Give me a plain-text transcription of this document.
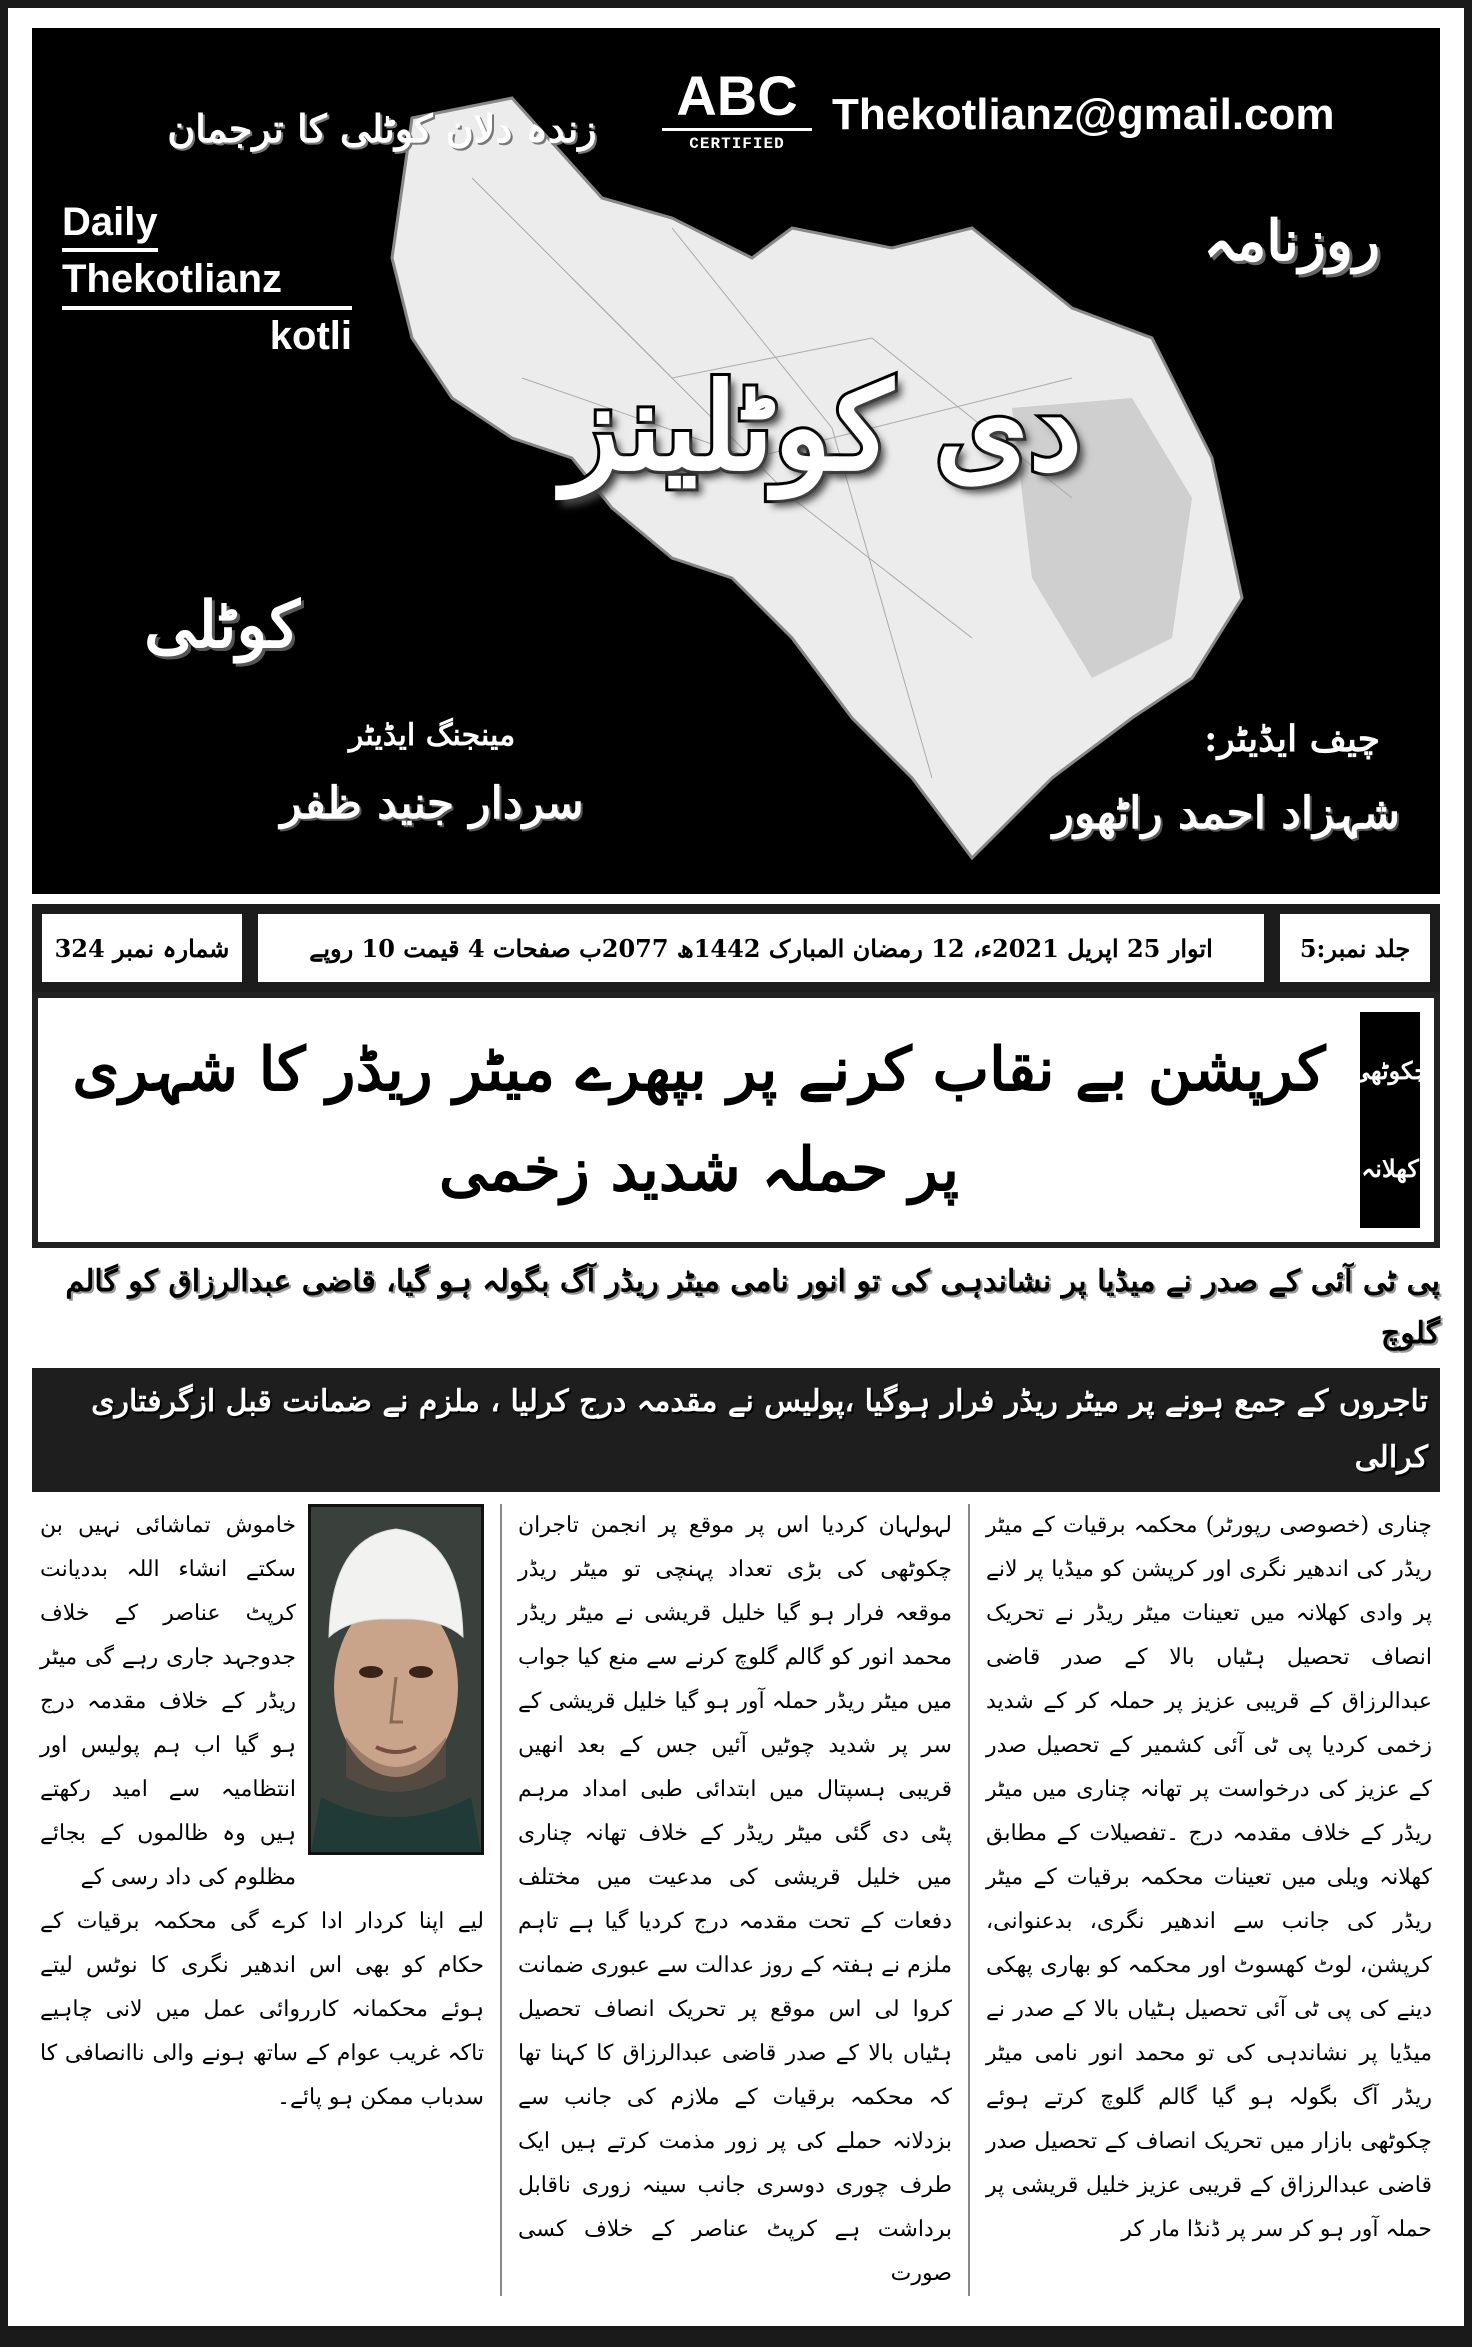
زندہ دلان کوٹلی کا ترجمان
ABC
CERTIFIED
Thekotlianz@gmail.com
Daily
Thekotlianz
kotli
روزنامہ
دی کوٹلینز
کوٹلی
مینجنگ ایڈیٹر
سردار جنید ظفر
چیف ایڈیٹر:
شہزاد احمد راٹھور
جلد نمبر:5
اتوار 25 اپریل 2021ء، 12 رمضان المبارک 1442ھ 2077ب صفحات 4 قیمت 10 روپے
شمارہ نمبر 324
چکوٹھی
کھلانہ
کرپشن بے نقاب کرنے پر بپھرے میٹر ریڈر کا شہری پر حملہ شدید زخمی
پی ٹی آئی کے صدر نے میڈیا پر نشاندہی کی تو انور نامی میٹر ریڈر آگ بگولہ ہو گیا، قاضی عبدالرزاق کو گالم گلوچ
تاجروں کے جمع ہونے پر میٹر ریڈر فرار ہوگیا ،پولیس نے مقدمہ درج کرلیا ، ملزم نے ضمانت قبل ازگرفتاری کرالی

چناری (خصوصی رپورٹر) محکمہ برقیات کے میٹر ریڈر کی اندھیر نگری اور کرپشن کو میڈیا پر لانے پر وادی کھلانہ میں تعینات میٹر ریڈر نے تحریک انصاف تحصیل ہٹیاں بالا کے صدر قاضی عبدالرزاق کے قریبی عزیز پر حملہ کر کے شدید زخمی کردیا پی ٹی آئی کشمیر کے تحصیل صدر کے عزیز کی درخواست پر تھانہ چناری میں میٹر ریڈر کے خلاف مقدمہ درج ۔تفصیلات کے مطابق کھلانہ ویلی میں تعینات محکمہ برقیات کے میٹر ریڈر کی جانب سے اندھیر نگری، بدعنوانی، کرپشن، لوٹ کھسوٹ اور محکمہ کو بھاری پھکی دینے کی پی ٹی آئی تحصیل ہٹیاں بالا کے صدر نے میڈیا پر نشاندہی کی تو محمد انور نامی میٹر ریڈر آگ بگولہ ہو گیا گالم گلوچ کرتے ہوئے چکوٹھی بازار میں تحریک انصاف کے تحصیل صدر قاضی عبدالرزاق کے قریبی عزیز خلیل قریشی پر حملہ آور ہو کر سر پر ڈنڈا مار کر

لہولہان کردیا اس پر موقع پر انجمن تاجران چکوٹھی کی بڑی تعداد پہنچی تو میٹر ریڈر موقعہ فرار ہو گیا خلیل قریشی نے میٹر ریڈر محمد انور کو گالم گلوچ کرنے سے منع کیا جواب میں میٹر ریڈر حملہ آور ہو گیا خلیل قریشی کے سر پر شدید چوٹیں آئیں جس کے بعد انھیں قریبی ہسپتال میں ابتدائی طبی امداد مرہم پٹی دی گئی میٹر ریڈر کے خلاف تھانہ چناری میں خلیل قریشی کی مدعیت میں مختلف دفعات کے تحت مقدمہ درج کردیا گیا ہے تاہم ملزم نے ہفتہ کے روز عدالت سے عبوری ضمانت کروا لی اس موقع پر تحریک انصاف تحصیل ہٹیاں بالا کے صدر قاضی عبدالرزاق کا کہنا تھا کہ محکمہ برقیات کے ملازم کی جانب سے بزدلانہ حملے کی پر زور مذمت کرتے ہیں ایک طرف چوری دوسری جانب سینہ زوری ناقابل برداشت ہے کرپٹ عناصر کے خلاف کسی صورت

خاموش تماشائی نہیں بن سکتے انشاء اللہ بددیانت کرپٹ عناصر کے خلاف جدوجہد جاری رہے گی میٹر ریڈر کے خلاف مقدمہ درج ہو گیا اب ہم پولیس اور انتظامیہ سے امید رکھتے ہیں وہ ظالموں کے بجائے مظلوم کی داد رسی کے

لیے اپنا کردار ادا کرے گی محکمہ برقیات کے حکام کو بھی اس اندھیر نگری کا نوٹس لیتے ہوئے محکمانہ کارروائی عمل میں لانی چاہیے تاکہ غریب عوام کے ساتھ ہونے والی ناانصافی کا سدباب ممکن ہو پائے۔
